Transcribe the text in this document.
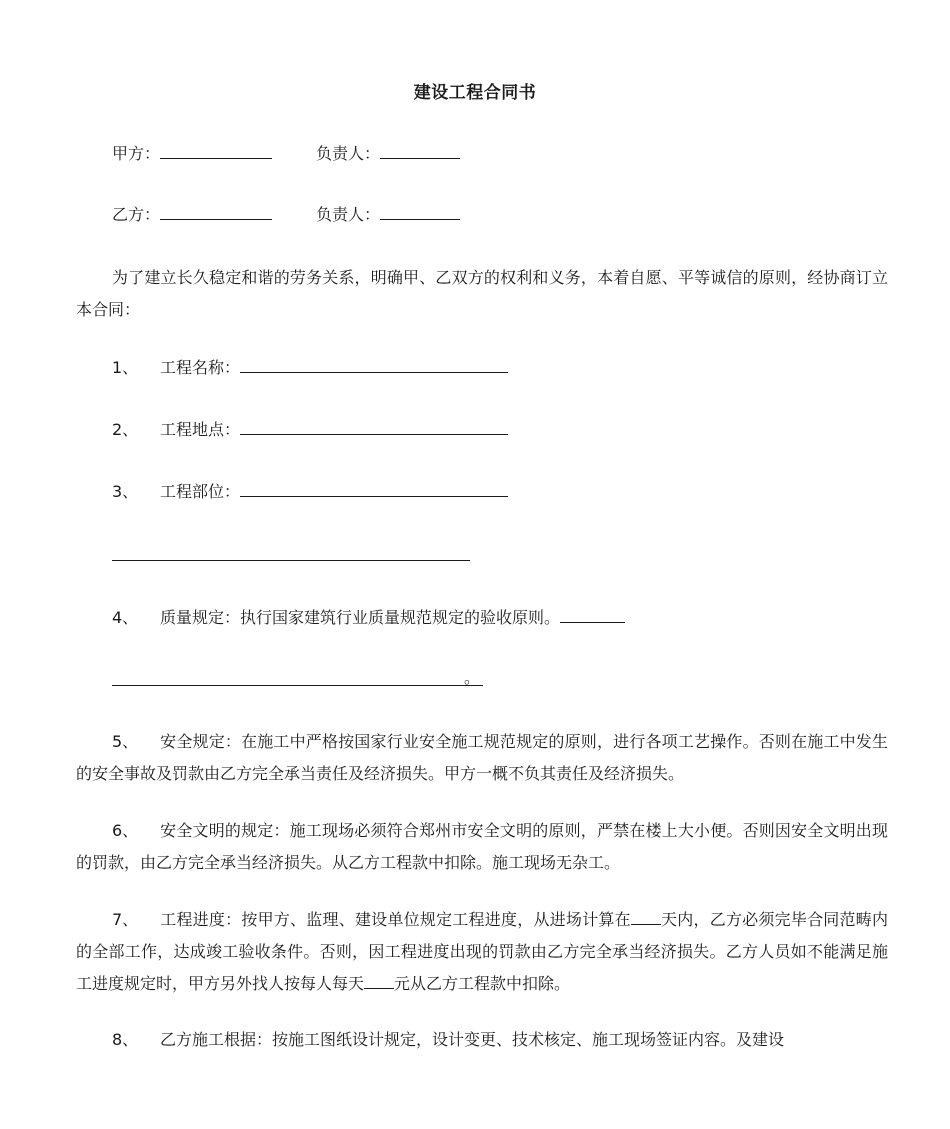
建设工程合同书
甲方：	负责人：
乙方：	负责人：
为了建立长久稳定和谐的劳务关系，明确甲、乙双方的权利和义务，本着自愿、平等诚信的原则，经协商订立本合同：
1、 工程名称：
2、 工程地点：
3、 工程部位：
4、 质量规定：执行国家建筑行业质量规范规定的验收原则。
。
5、 安全规定：在施工中严格按国家行业安全施工规范规定的原则，进行各项工艺操作。否则在施工中发生的安全事故及罚款由乙方完全承当责任及经济损失。甲方一概不负其责任及经济损失。
6、 安全文明的规定：施工现场必须符合郑州市安全文明的原则，严禁在楼上大小便。否则因安全文明出现的罚款，由乙方完全承当经济损失。从乙方工程款中扣除。施工现场无杂工。
7、 工程进度：按甲方、监理、建设单位规定工程进度，从进场计算在 天内，乙方必须完毕合同范畴内的全部工作，达成竣工验收条件。否则，因工程进度出现的罚款由乙方完全承当经济损失。乙方人员如不能满足施工进度规定时，甲方另外找人按每人每天 元从乙方工程款中扣除。
8、 乙方施工根据：按施工图纸设计规定，设计变更、技术核定、施工现场签证内容。及建设
